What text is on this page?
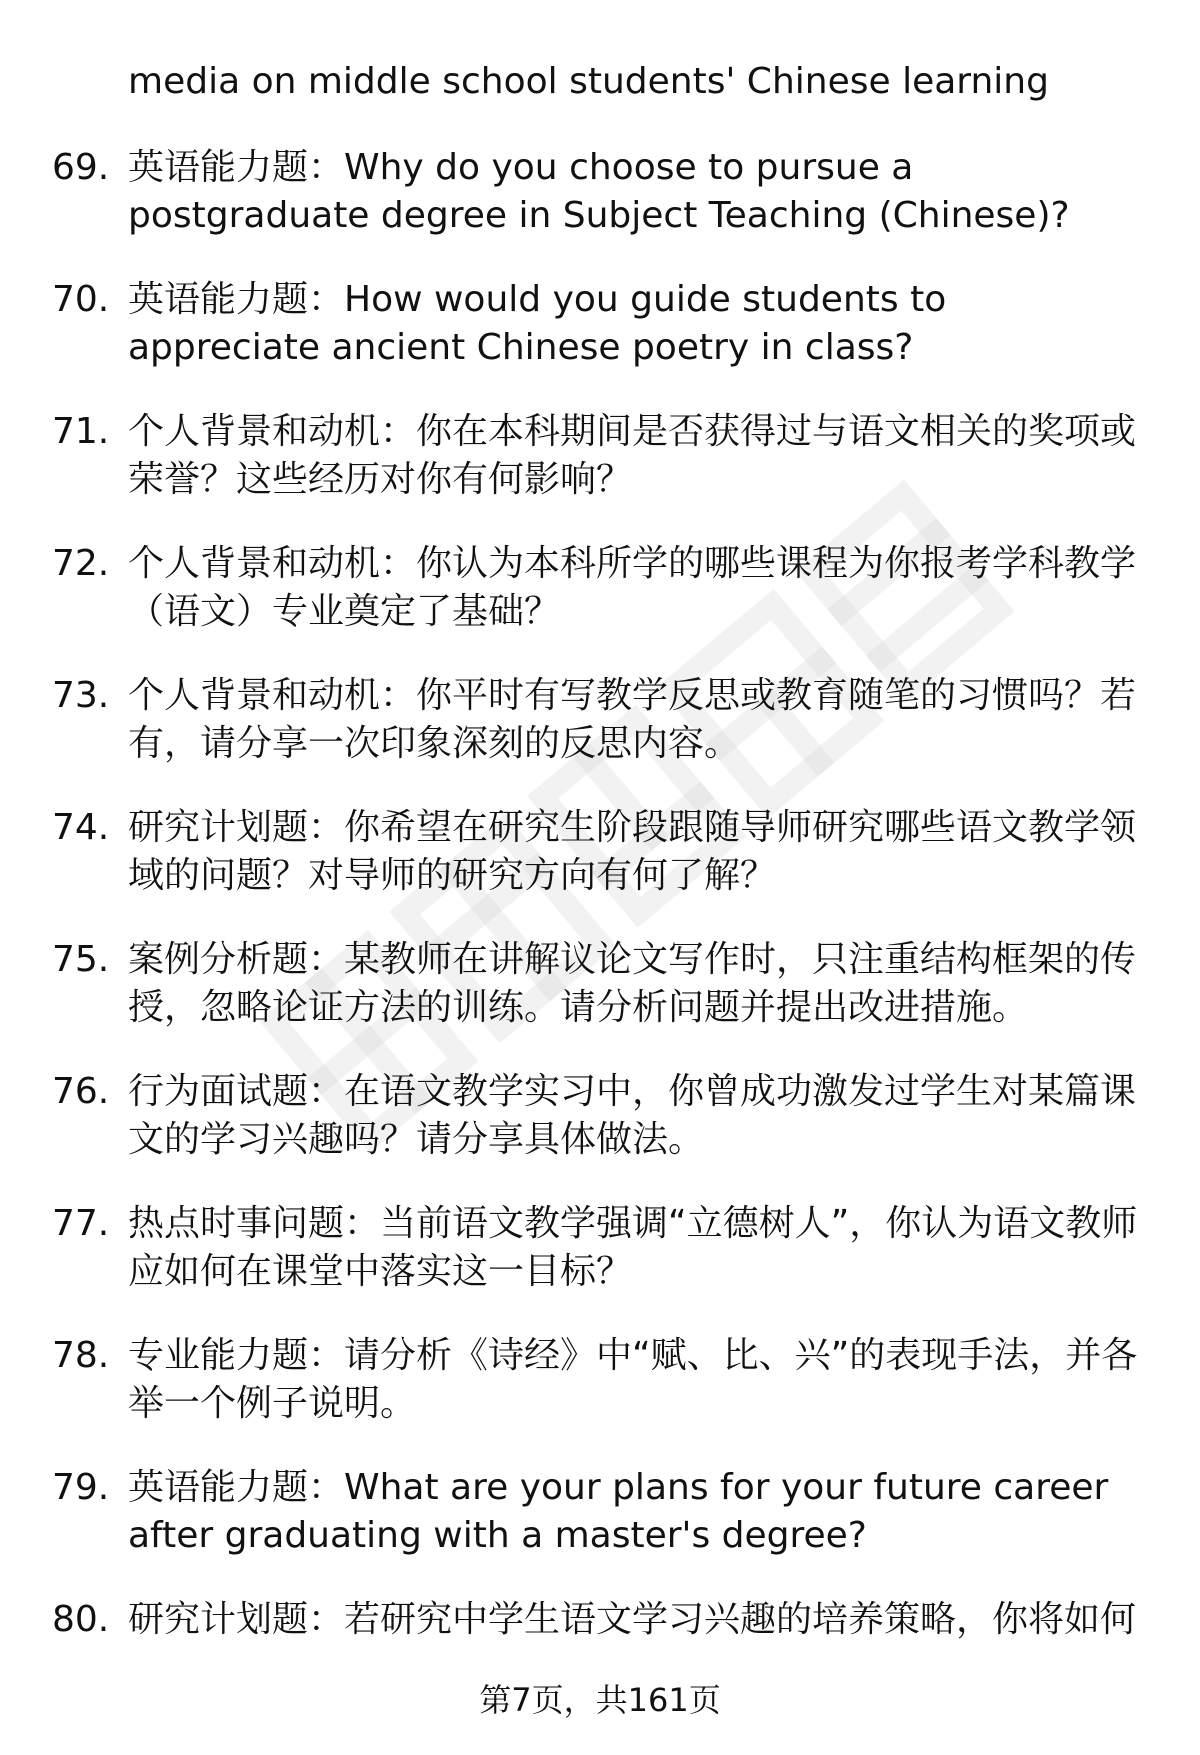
media on middle school students' Chinese learning
69. 英语能力题：Why do you choose to pursue a postgraduate degree in Subject Teaching (Chinese)?
70. 英语能力题：How would you guide students to appreciate ancient Chinese poetry in class?
71. 个人背景和动机：你在本科期间是否获得过与语文相关的奖项或荣誉？这些经历对你有何影响？
72. 个人背景和动机：你认为本科所学的哪些课程为你报考学科教学（语文）专业奠定了基础？
73. 个人背景和动机：你平时有写教学反思或教育随笔的习惯吗？若有，请分享一次印象深刻的反思内容。
74. 研究计划题：你希望在研究生阶段跟随导师研究哪些语文教学领域的问题？对导师的研究方向有何了解？
75. 案例分析题：某教师在讲解议论文写作时，只注重结构框架的传授，忽略论证方法的训练。请分析问题并提出改进措施。
76. 行为面试题：在语文教学实习中，你曾成功激发过学生对某篇课文的学习兴趣吗？请分享具体做法。
77. 热点时事问题：当前语文教学强调“立德树人”，你认为语文教师应如何在课堂中落实这一目标？
78. 专业能力题：请分析《诗经》中“赋、比、兴”的表现手法，并各举一个例子说明。
79. 英语能力题：What are your plans for your future career after graduating with a master's degree?
80. 研究计划题：若研究中学生语文学习兴趣的培养策略，你将如何
第7页，共161页
